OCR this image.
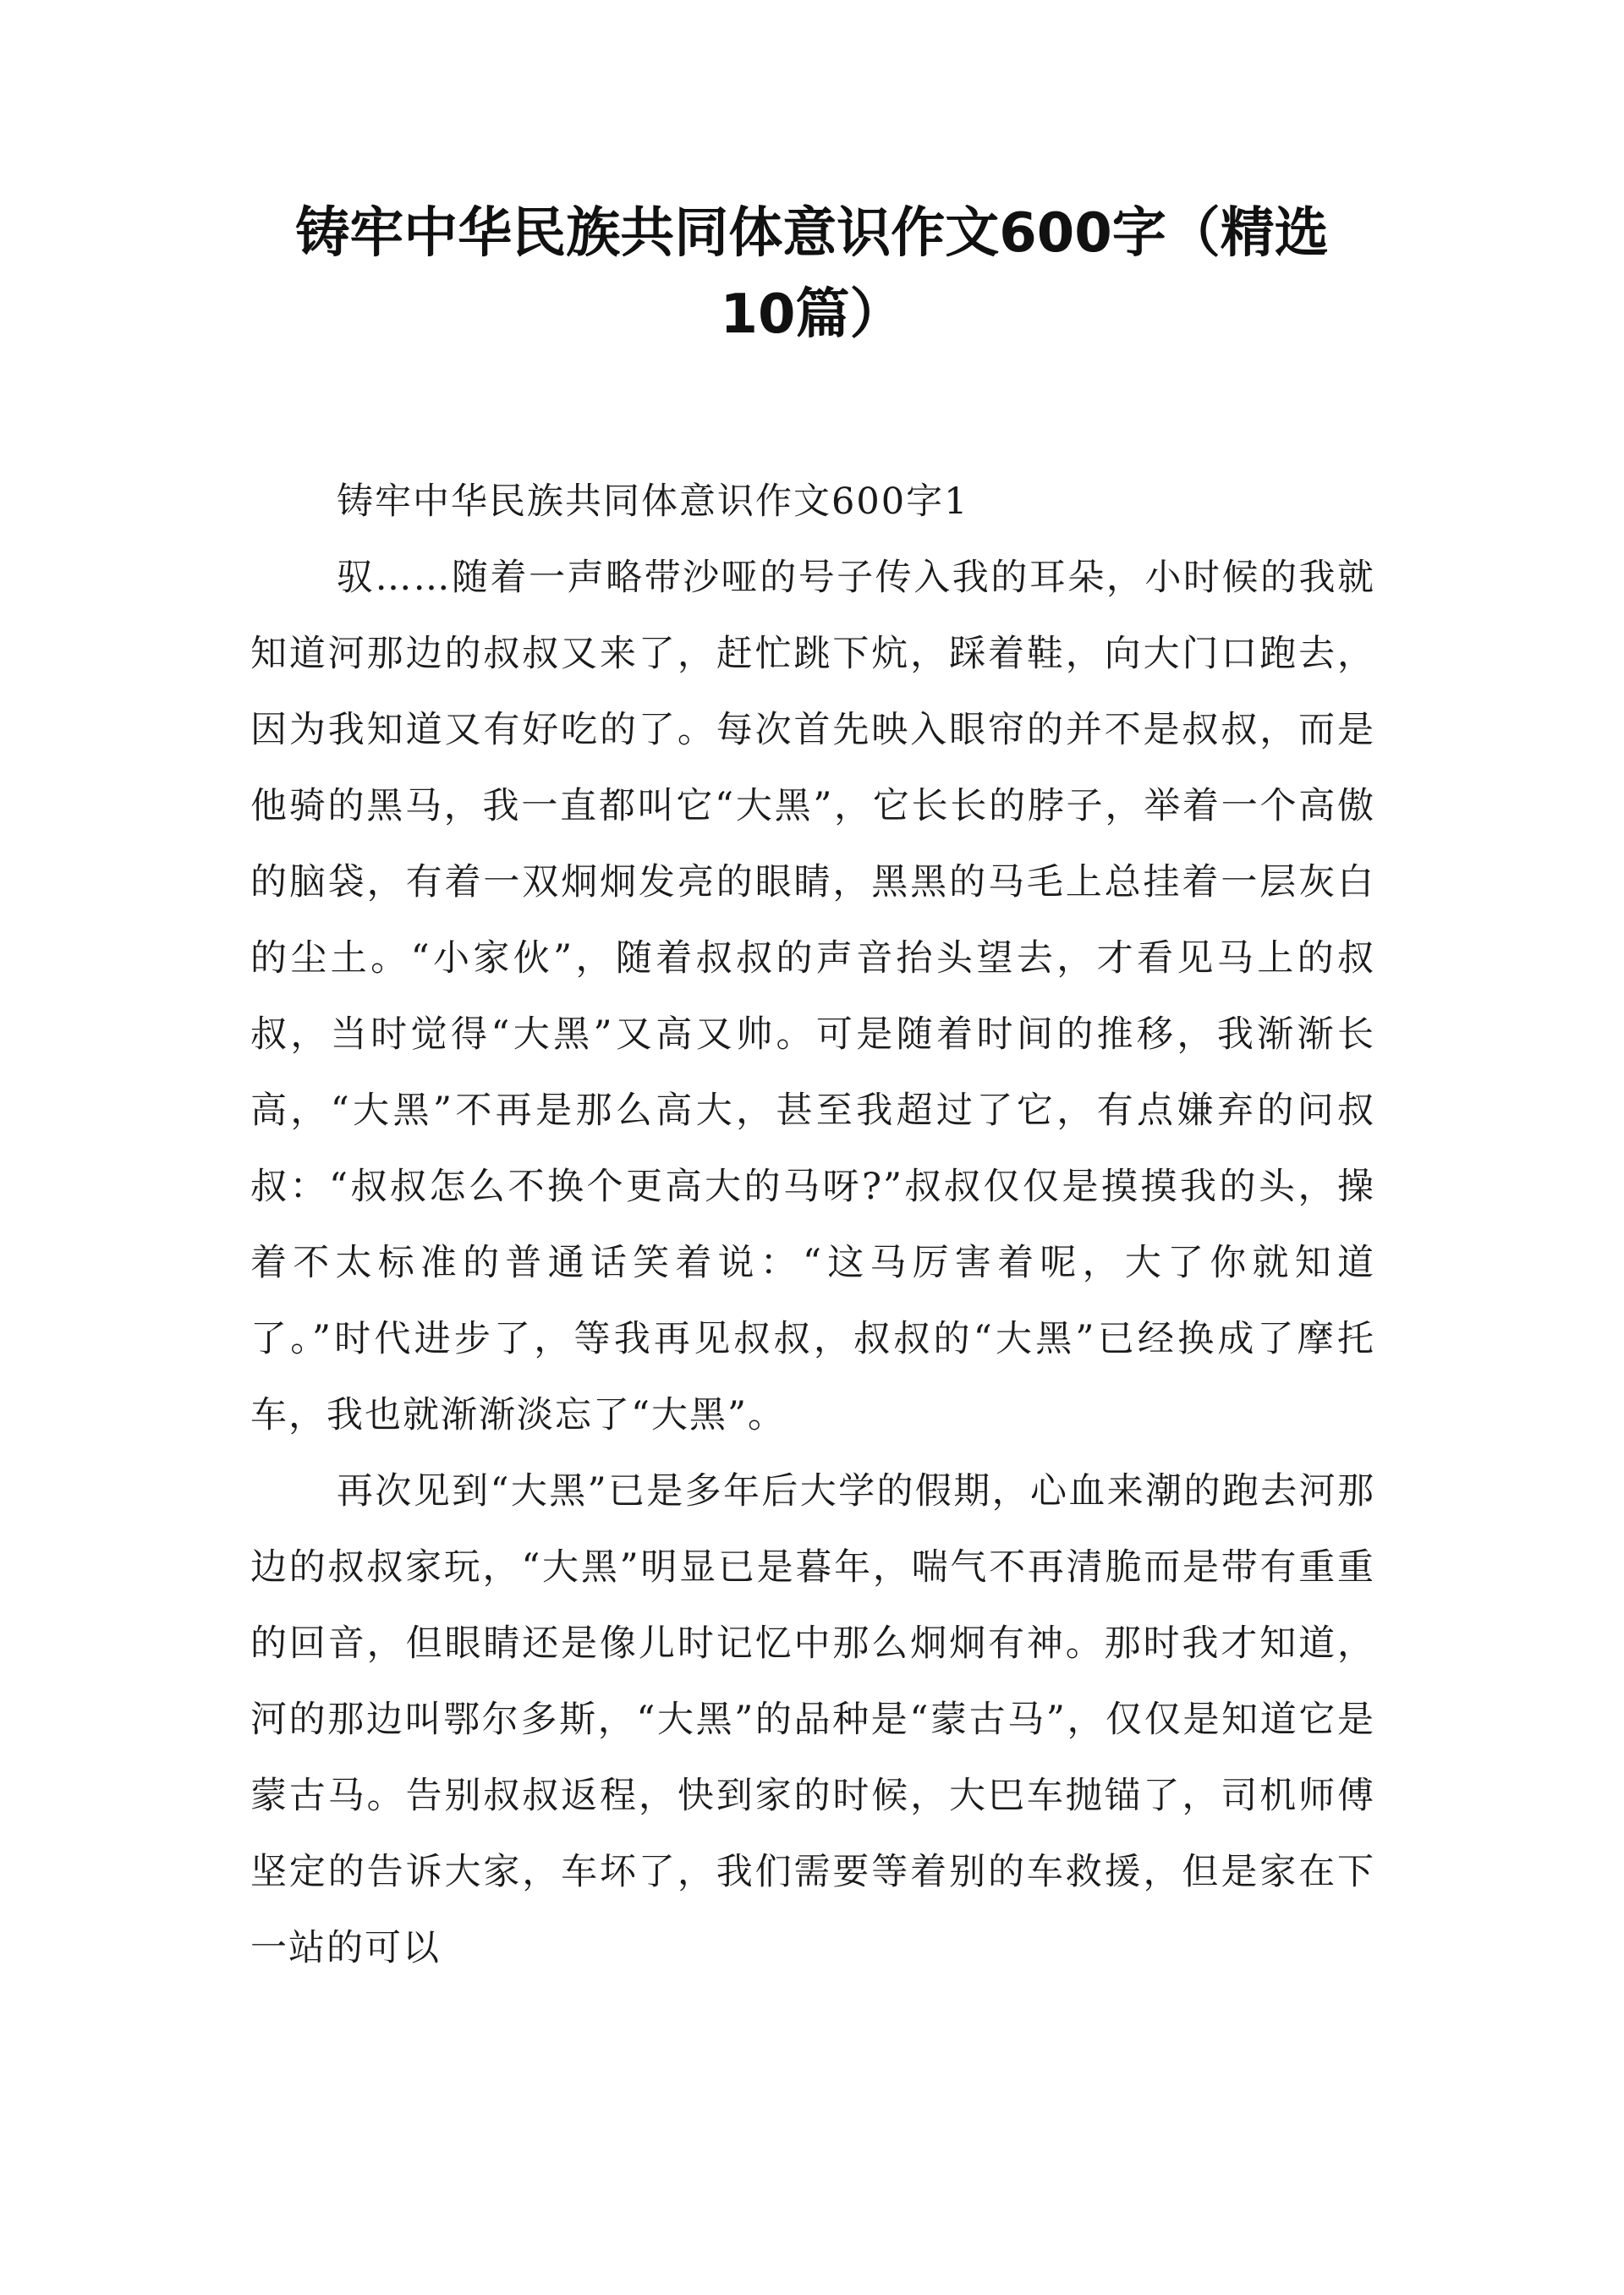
铸牢中华民族共同体意识作文600字（精选
10篇）

铸牢中华民族共同体意识作文600字1

驭……随着一声略带沙哑的号子传入我的耳朵，小时候的我就知道河那边的叔叔又来了，赶忙跳下炕，踩着鞋，向大门口跑去，因为我知道又有好吃的了。每次首先映入眼帘的并不是叔叔，而是他骑的黑马，我一直都叫它“大黑”，它长长的脖子，举着一个高傲的脑袋，有着一双炯炯发亮的眼睛，黑黑的马毛上总挂着一层灰白的尘土。“小家伙”，随着叔叔的声音抬头望去，才看见马上的叔叔，当时觉得“大黑”又高又帅。可是随着时间的推移，我渐渐长高，“大黑”不再是那么高大，甚至我超过了它，有点嫌弃的问叔叔：“叔叔怎么不换个更高大的马呀?”叔叔仅仅是摸摸我的头，操着不太标准的普通话笑着说：“这马厉害着呢，大了你就知道了。”时代进步了，等我再见叔叔，叔叔的“大黑”已经换成了摩托车，我也就渐渐淡忘了“大黑”。

再次见到“大黑”已是多年后大学的假期，心血来潮的跑去河那边的叔叔家玩，“大黑”明显已是暮年，喘气不再清脆而是带有重重的回音，但眼睛还是像儿时记忆中那么炯炯有神。那时我才知道，河的那边叫鄂尔多斯，“大黑”的品种是“蒙古马”，仅仅是知道它是蒙古马。告别叔叔返程，快到家的时候，大巴车抛锚了，司机师傅坚定的告诉大家，车坏了，我们需要等着别的车救援，但是家在下一站的可以
